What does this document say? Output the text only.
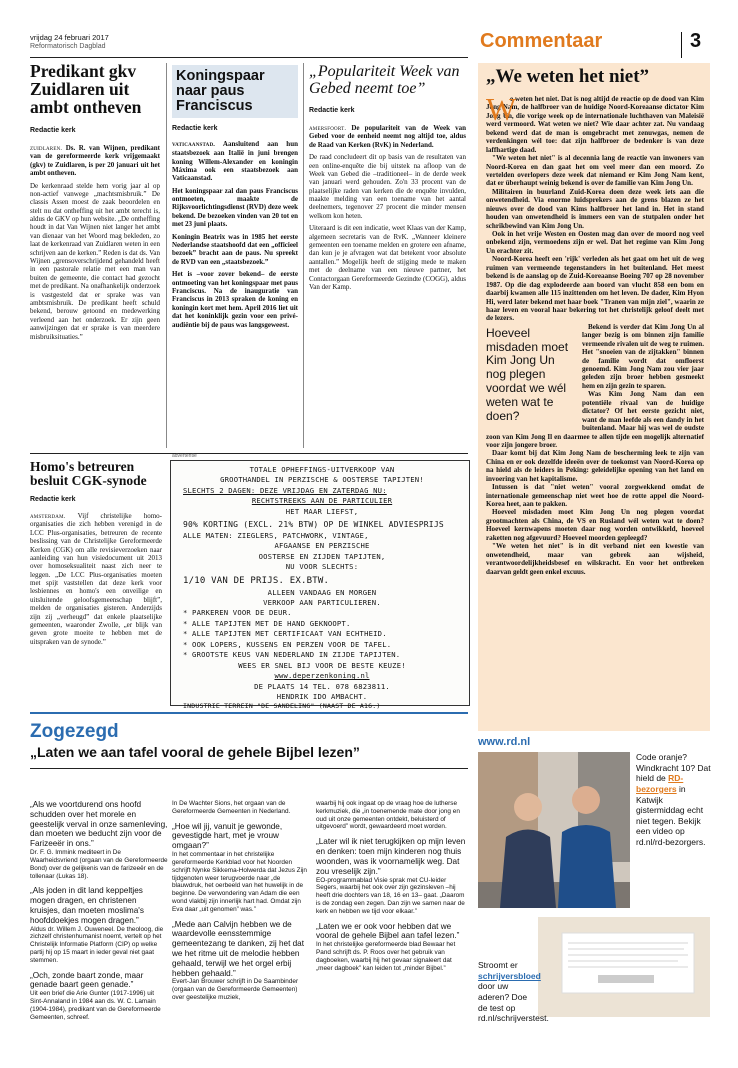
vrijdag 24 februari 2017
Reformatorisch Dagblad	Commentaar	3
Predikant gkv Zuidlaren uit ambt ontheven
Redactie kerk

zuidlaren. Ds. R. van Wijnen, predikant van de gereformeerde kerk vrijgemaakt (gkv) te Zuidlaren, is per 20 januari uit het ambt ontheven.

De kerkenraad stelde hem vorig jaar al op non-actief vanwege „machtsmisbruik.” De classis Assen moest de zaak beoordelen en stelt nu dat ontheffing uit het ambt terecht is, aldus de GKV op hun website. „De ontheffing houdt in dat Van Wijnen niet langer het ambt van dienaar van het Woord mag bekleden, zo laat de kerkenraad van Zuidlaren weten in een schrijven aan de kerken.” Reden is dat ds. Van Wijnen „grensoverschrijdend gehandeld heeft in een pastorale relatie met een man van buiten de gemeente, die contact had gezocht met de predikant. Na onafhankelijk onderzoek is vastgesteld dat er sprake was van ambtsmisbruik. De predikant heeft schuld bekend, berouw getoond en medewerking verleend aan het onderzoek. Er zijn geen aanwijzingen dat er sprake is van meerdere misbruiksituaties.”

Koningspaar naar paus Franciscus
Redactie kerk

vaticaanstad. Aansluitend aan hun staatsbezoek aan Italië in juni brengen koning Willem-Alexander en koningin Máxima ook een staatsbezoek aan Vaticaanstad.

Het koningspaar zal dan paus Franciscus ontmoeten, maakte de Rijksvoorlichtingsdienst (RVD) deze week bekend. De bezoeken vinden van 20 tot en met 23 juni plaats.

Koningin Beatrix was in 1985 het eerste Nederlandse staatshoofd dat een „officieel bezoek” bracht aan de paus. Nu spreekt de RVD van een „staatsbezoek.”

Het is –voor zover bekend– de eerste ontmoeting van het koningspaar met paus Franciscus. Na de inauguratie van Franciscus in 2013 spraken de koning en koningin kort met hem. April 2016 liet uit dat het koninklijk gezin voor een privé-audiëntie bij de paus was langsgeweest.

„Populariteit Week van Gebed neemt toe”
Redactie kerk

amersfoort. De populariteit van de Week van Gebed voor de eenheid neemt nog altijd toe, aldus de Raad van Kerken (RvK) in Nederland.

De raad concludeert dit op basis van de resultaten van een online-enquête die bij uitstek na afloop van de Week van Gebed die –traditioneel– in de derde week van januari werd gehouden. Zo'n 33 procent van de plaatselijke raden van kerken die de enquête invulden, maakte melding van een toename van het aantal deelnemers, tegenover 27 procent die minder mensen welkom kon heten.

Uiteraard is dit een indicatie, weet Klaas van der Kamp, algemeen secretaris van de RvK. „Wanneer kleinere gemeenten een toename melden en grotere een afname, dan kun je je afvragen wat dat betekent voor absolute aantallen.” Mogelijk heeft de stijging mede te maken met de deelname van een nieuwe partner, het Contactorgaan Gereformeerde Gezindte (COGG), aldus Van der Kamp.

Homo's betreuren besluit CGK-synode
Redactie kerk

amsterdam. Vijf christelijke homo-organisaties die zich hebben verenigd in de LCC Plus-organisaties, betreuren de recente beslissing van de Christelijke Gereformeerde Kerken (CGK) om alle revisieverzoeken naar aanleiding van hun visiedocument uit 2013 over homoseksualiteit naast zich neer te leggen. „De LCC Plus-organisaties moeten met spijt vaststellen dat deze kerk voor lesbiennes en homo's een onveilige en uitsluitende geloofsgemeenschap blijft”, melden de organisaties gisteren. Anderzijds zijn zij „verheugd” dat enkele plaatselijke gemeenten, waaronder Zwolle, „er blijk van geven grote moeite te hebben met de uitspraken van de synode.”

advertentie
TOTALE OPHEFFINGS-UITVERKOOP VAN
GROOTHANDEL IN PERZISCHE & OOSTERSE TAPIJTEN!
SLECHTS 2 DAGEN: DEZE VRIJDAG EN ZATERDAG NU:
RECHTSTREEKS AAN DE PARTICULIER
HET MAAR LIEFST,
90% KORTING (EXCL. 21% BTW) OP DE WINKEL ADVIESPRIJS
ALLE MATEN: ZIEGLERS, PATCHWORK, VINTAGE,
AFGAANSE EN PERZISCHE
OOSTERSE EN ZIJDEN TAPIJTEN,
NU VOOR SLECHTS:
1/10 VAN DE PRIJS. EX.BTW.
ALLEEN VANDAAG EN MORGEN
VERKOOP AAN PARTICULIEREN.
* PARKEREN VOOR DE DEUR.
* ALLE TAPIJTEN MET DE HAND GEKNOOPT.
* ALLE TAPIJTEN MET CERTIFICAAT VAN ECHTHEID.
* OOK LOPERS, KUSSENS EN PERZEN VOOR DE TAFEL.
* GROOTSTE KEUS VAN NEDERLAND IN ZIJDE TAPIJTEN.
WEES ER SNEL BIJ VOOR DE BESTE KEUZE!
www.deperzenkoning.nl
DE PLAATS 14 TEL. 078 6823811.
HENDRIK IDO AMBACHT.
INDUSTRIE TERREIN "DE SANDELING" (NAAST DE A16.)
„We weten het niet”
W

e weten het niet. Dat is nog altijd de reactie op de dood van Kim Jong Nam, de halfbroer van de huidige Noord-Koreaanse dictator Kim Jong Un, die vorige week op de internationale luchthaven van Maleisië werd vermoord. Wat weten we niet? Wie daar achter zat. Nu vandaag bekend werd dat de man is omgebracht met zenuwgas, nemen de verdenkingen wél toe: dat zijn halfbroer de bedenker is van deze laffhartige daad.

"We weten het niet" is al decennia lang de reactie van inwoners van Noord-Korea en dan gaat het om veel meer dan een moord. Zo vertelden overlopers deze week dat niemand er Kim Jong Nam kent, dat er überhaupt weinig bekend is over de familie van Kim Jong Un.

Militairen in buurland Zuid-Korea doen deze week iets aan die onwetendheid. Via enorme luidsprekers aan de grens blazen ze het nieuws over de dood van Kims halfbroer het land in. Het in stand houden van onwetendheid is immers een van de stutpalen onder het schrikbewind van Kim Jong Un.

Ook in het vrije Westen en Oosten mag dan over de moord nog veel onbekend zijn, vermoedens zijn er wel. Dat het regime van Kim Jong Un erachter zit.

Noord-Korea heeft een 'rijk' verleden als het gaat om het uit de weg ruimen van vermeende tegenstanders in het buitenland. Het meest bekend is de aanslag op de Zuid-Koreaanse Boeing 707 op 28 november 1987. Op die dag explodeerde aan boord van vlucht 858 een bom en daarbij kwamen alle 115 inzittenden om het leven. De dader, Kim Hyon Hi, werd later bekend met haar boek "Tranen van mijn ziel", waarin ze haar leven en vooral haar bekering tot het christelijk geloof deelt met de lezers.

Hoeveel misdaden moet Kim Jong Un nog plegen voordat we wél weten wat te doen?

Bekend is verder dat Kim Jong Un al langer bezig is om binnen zijn familie vermeende rivalen uit de weg te ruimen. Het "snoeien van de zijtakken" binnen de familie wordt dat omfloerst genoemd. Kim Jong Nam zou vier jaar geleden zijn broer hebben gesmeekt hem en zijn gezin te sparen.

Was Kim Jong Nam dan een potentiële rivaal van de huidige dictator? Of het eerste gezicht niet, want de man leefde als een dandy in het buitenland. Maar hij was wel de oudste zoon van Kim Jong Il en daarmee te allen tijde een mogelijk alternatief voor zijn jongere broer.

Daar komt bij dat Kim Jong Nam de bescherming leek te zijn van China en er ook dezelfde ideeën over de toekomst van Noord-Korea op na hield als de leiders in Peking: geleidelijke opening van het land en invoering van het kapitalisme.

Intussen is dat "niet weten" vooral zorgwekkend omdat de internationale gemeenschap niet weet hoe de rotte appel die Noord-Korea heet, aan te pakken.

Hoeveel misdaden moet Kim Jong Un nog plegen voordat grootmachten als China, de VS en Rusland wél weten wat te doen? Hoeveel kernwapens moeten daar nog worden ontwikkeld, hoeveel raketten nog afgevuurd? Hoeveel moorden gepleegd?

"We weten het niet" is in dit verband niet een kwestie van onwetendheid, maar van gebrek aan wijsheid, verantwoordelijkheidsbesef en wilskracht. En voor het ontbreken daarvan geldt geen enkel excuus.

Zogezegd
„Laten we aan tafel vooral de gehele Bijbel lezen”

„Als we voortdurend ons hoofd schudden over het morele en geestelijk verval in onze samenleving, dan moeten we beducht zijn voor de Farizeeër in ons.”
Dr. F. G. Immink mediteert in De Waarheidsvriend (orgaan van de Gereformeerde Bond) over de gelijkenis van de farizeeër en de tollenaar (Lukas 18).

„Als joden in dit land keppeltjes mogen dragen, en christenen kruisjes, dan moeten moslima's hoofddoekjes mogen dragen.”
Aldus dr. Willem J. Ouweneel. De theoloog, die zichzelf christenhumanist noemt, vertelt op het Christelijk Informatie Platform (CIP) op welke partij hij op 15 maart in ieder geval niet gaat stemmen.

„Och, zonde baart zonde, maar genade baart geen genade.”
Uit een brief die Arie Gunter (1917-1996) uit Sint-Annaland in 1984 aan ds. W. C. Lamain (1904-1984), predikant van de Gereformeerde Gemeenten, schreef.

In De Wachter Sions, het orgaan van de Gereformeerde Gemeenten in Nederland.

„Hoe wil jij, vanuit je gewonde, gevestigde hart, met je vrouw omgaan?”
In het commentaar in het christelijke gereformeerde Kerkblad voor het Noorden schrijft Nynke Sikkema-Holwerda dat Jezus Zijn tijdgenoten weer terugvoerde naar „de blauwdruk, het oerbeeld van het huwelijk in de beginne. De verwondering van Adam die een wond vlakbij zijn innerlijk hart had. Omdat zijn Eva daar „uit genomen” was.”

„Mede aan Calvijn hebben we de waardevolle eensstemmige gemeentezang te danken, zij het dat we het ritme uit de melodie hebben gehaald, terwijl we het orgel erbij hebben gehaald.”
Evert-Jan Brouwer schrijft in De Saambinder (orgaan van de Gereformeerde Gemeenten) over geestelijke muziek,

waarbij hij ook ingaat op de vraag hoe de lutherse kerkmuziek, die „in toenemende mate door jong en oud uit onze gemeenten ontdekt, beluisterd of uitgevoerd” wordt, gewaardeerd moet worden.

„Later wil ik niet terugkijken op mijn leven en denken: toen mijn kinderen nog thuis woonden, was ik voornamelijk weg. Dat zou vreselijk zijn.”
EO-programmablad Visie sprak met CU-leider Segers, waarbij het ook over zijn gezinsleven –hij heeft drie dochters van 18, 16 en 13– gaat. „Daarom is de zondag een zegen. Dan zijn we samen naar de kerk en hebben we tijd voor elkaar.”

„Laten we er ook voor hebben dat we vooral de gehele Bijbel aan tafel lezen.”
In het christelijke gereformeerde blad Bewaar het Pand schrijft ds. P. Roos over het gebruik van dagboeken, waarbij hij het gevaar signaleert dat „meer dagboek” kan leiden tot „minder Bijbel.”

www.rd.nl
Code oranje? Windkracht 10? Dat hield de RD-bezorgers in Katwijk gistermiddag echt niet tegen. Bekijk een video op rd.nl/rd-bezorgers.
Stroomt er schrijversbloed door uw aderen? Doe de test op rd.nl/schrijverstest.
